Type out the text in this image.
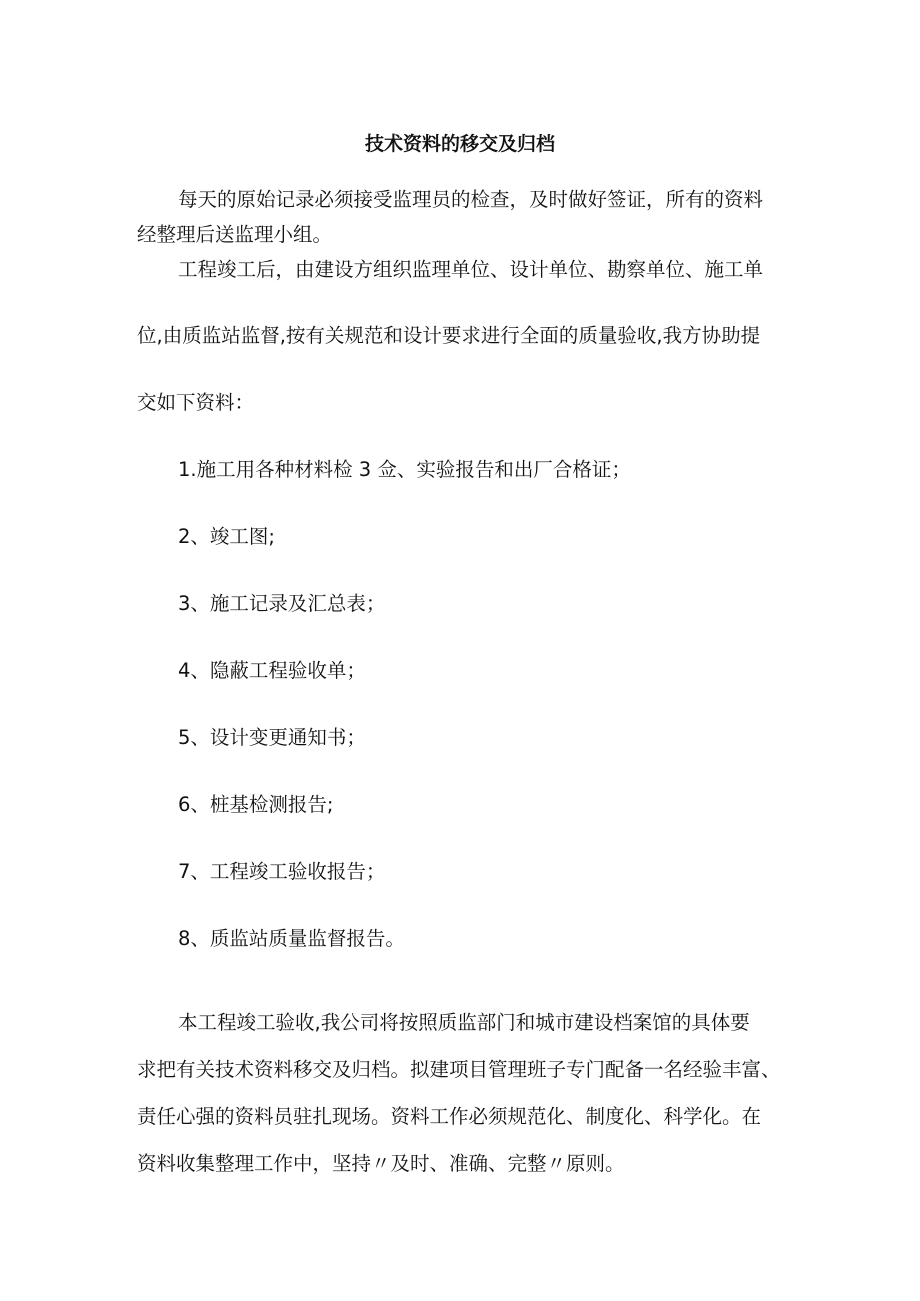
技术资料的移交及归档

每天的原始记录必须接受监理员的检查，及时做好签证，所有的资料

经整理后送监理小组。

工程竣工后，由建设方组织监理单位、设计单位、勘察单位、施工单

位,由质监站监督,按有关规范和设计要求进行全面的质量验收,我方协助提

交如下资料：

1.施工用各种材料检 3 佥、实验报告和出厂合格证；

2、竣工图;

3、施工记录及汇总表；

4、隐蔽工程验收单；

5、设计变更通知书；

6、桩基检测报告;

7、工程竣工验收报告；

8、质监站质量监督报告。

本工程竣工验收,我公司将按照质监部门和城市建设档案馆的具体要

求把有关技术资料移交及归档。拟建项目管理班子专门配备一名经验丰富、

责任心强的资料员驻扎现场。资料工作必须规范化、制度化、科学化。在

资料收集整理工作中，坚持〃及时、准确、完整〃原则。
